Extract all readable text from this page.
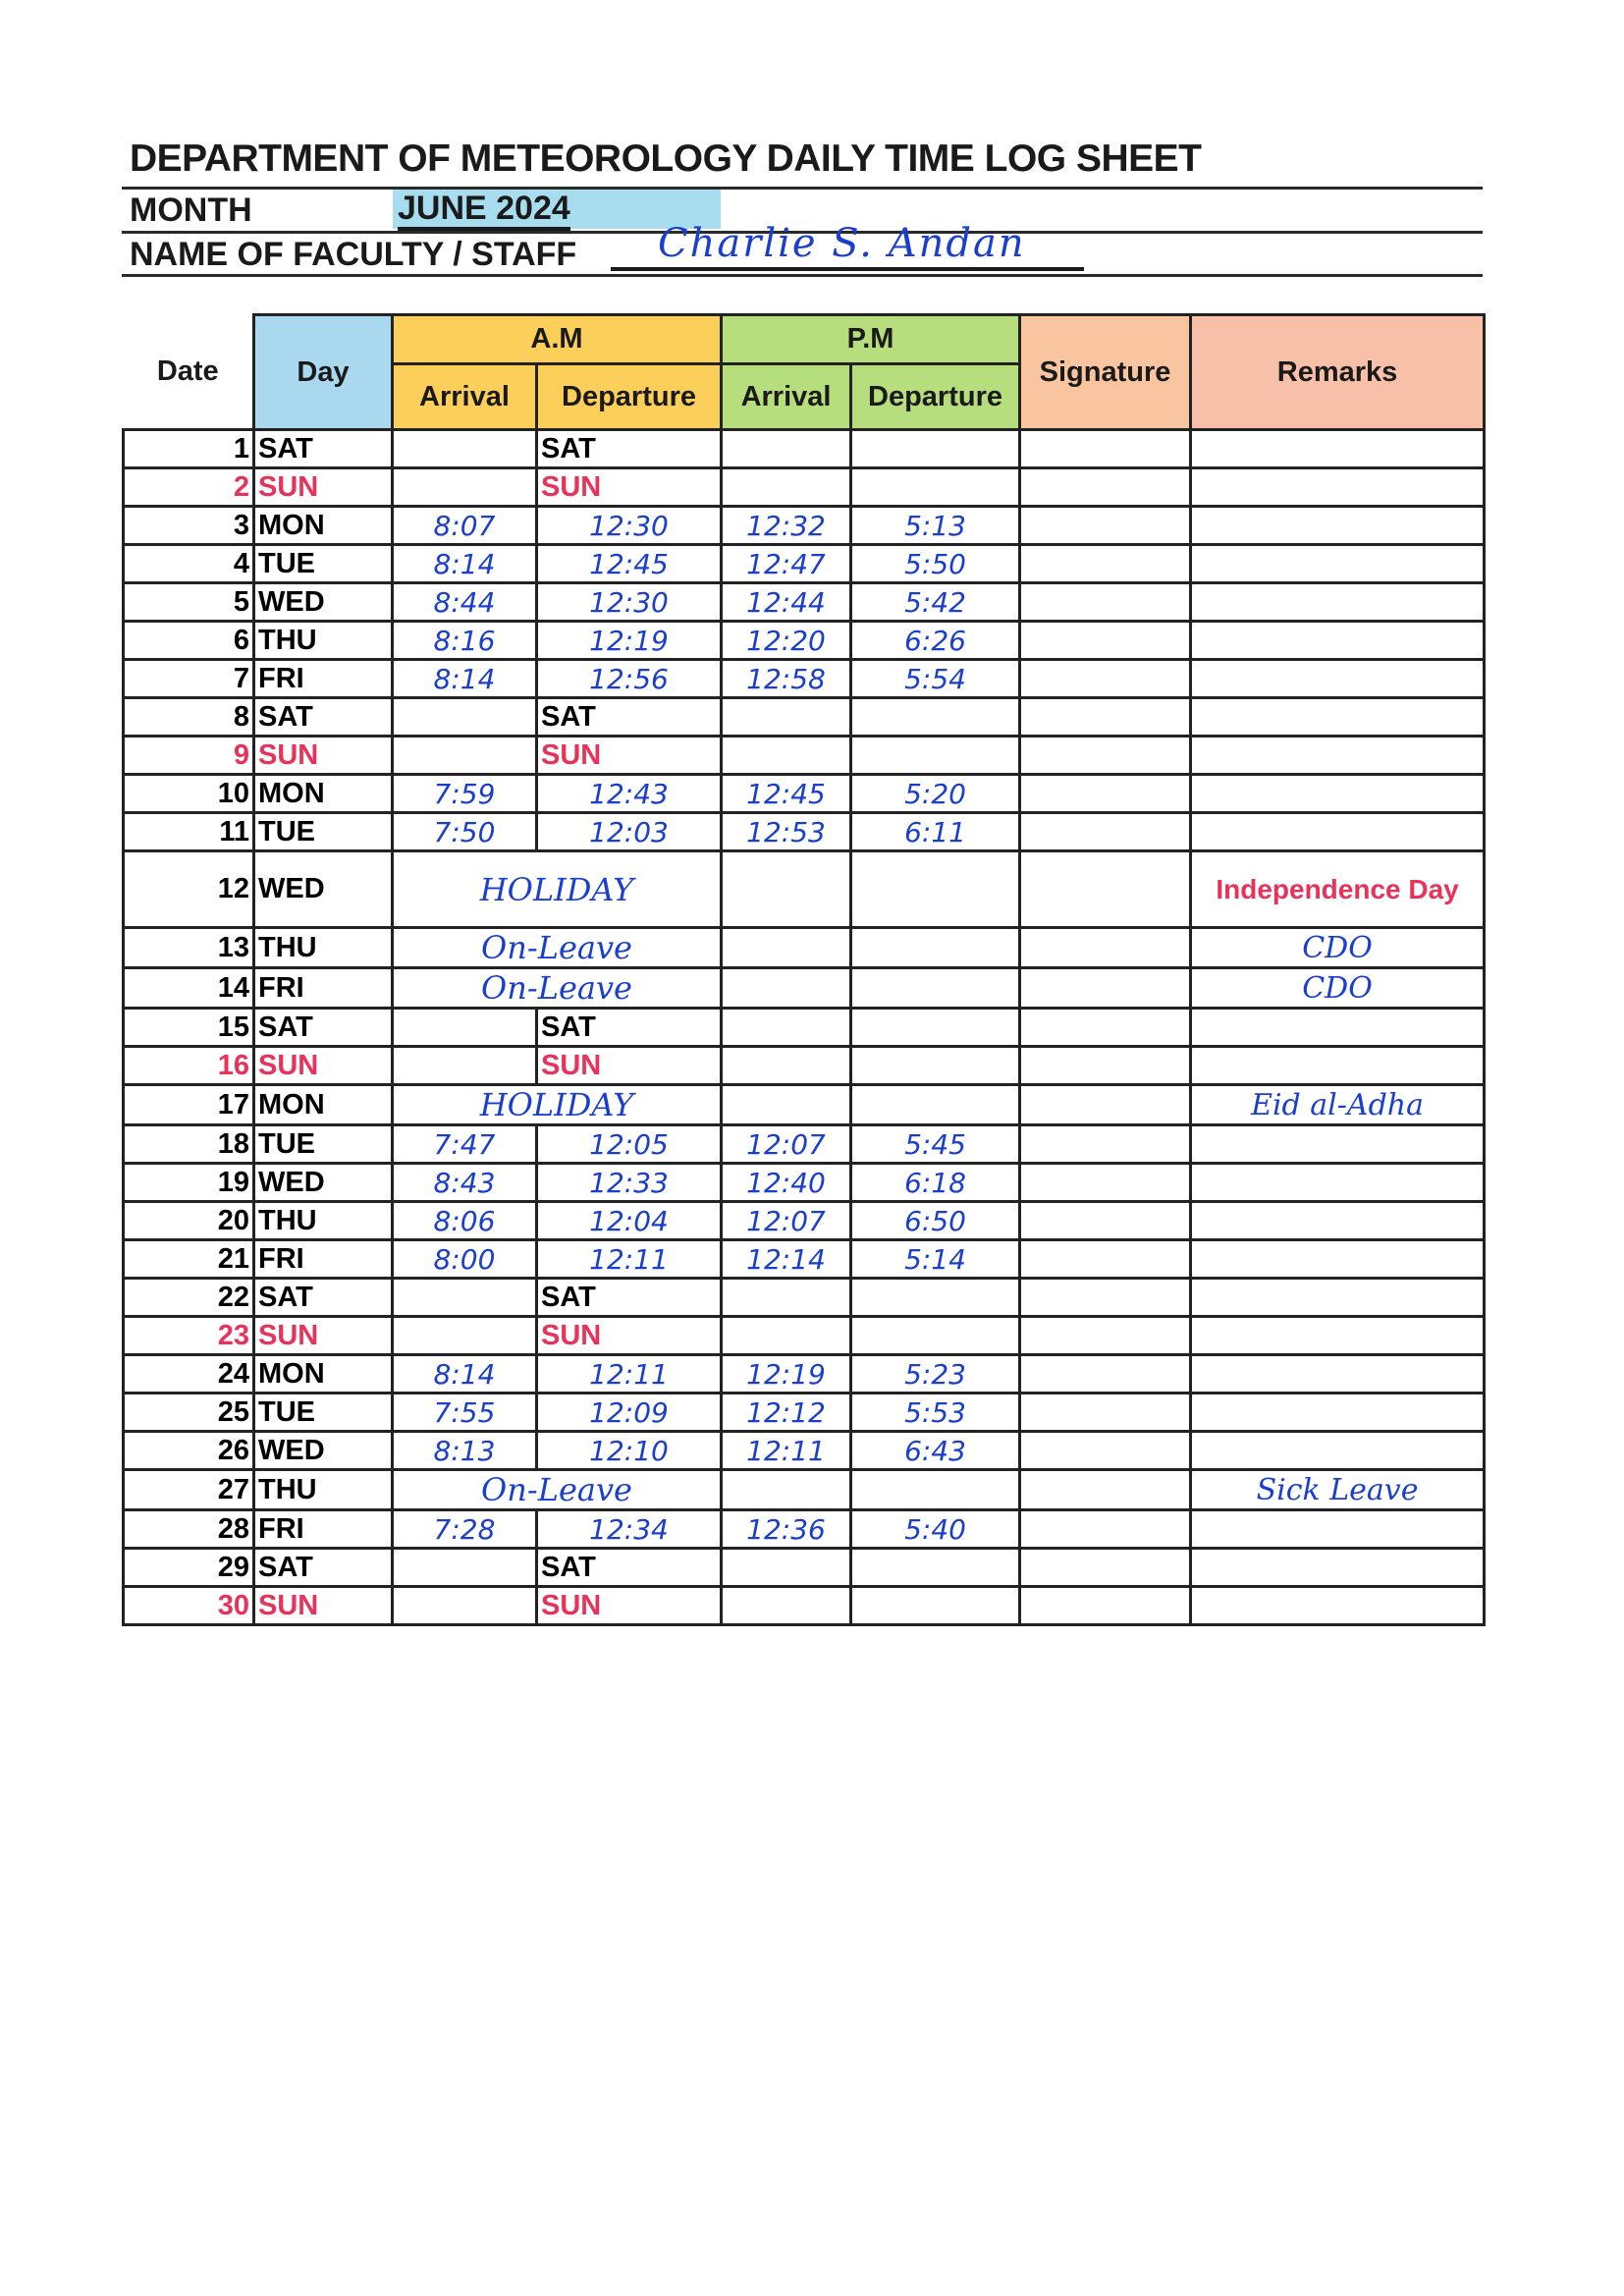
DEPARTMENT OF METEOROLOGY DAILY TIME LOG SHEET
MONTH	JUNE 2024
NAME OF FACULTY / STAFF Charlie S. Andan
Date	Day	A.M		P.M		Signature	Remarks
		Arrival	Departure	Arrival	Departure		
1	SAT		SAT				
2	SUN		SUN				
3	MON	8:07	12:30	12:32	5:13		
4	TUE	8:14	12:45	12:47	5:50		
5	WED	8:44	12:30	12:44	5:42		
6	THU	8:16	12:19	12:20	6:26		
7	FRI	8:14	12:56	12:58	5:54		
8	SAT		SAT				
9	SUN		SUN				
10	MON	7:59	12:43	12:45	5:20		
11	TUE	7:50	12:03	12:53	6:11		
12	WED	HOLIDAY					Independence Day
13	THU	On-Leave					CDO
14	FRI	On-Leave					CDO
15	SAT		SAT				
16	SUN		SUN				
17	MON	HOLIDAY					Eid al-Adha
18	TUE	7:47	12:05	12:07	5:45		
19	WED	8:43	12:33	12:40	6:18		
20	THU	8:06	12:04	12:07	6:50		
21	FRI	8:00	12:11	12:14	5:14		
22	SAT		SAT				
23	SUN		SUN				
24	MON	8:14	12:11	12:19	5:23		
25	TUE	7:55	12:09	12:12	5:53		
26	WED	8:13	12:10	12:11	6:43		
27	THU	On-Leave					Sick Leave
28	FRI	7:28	12:34	12:36	5:40		
29	SAT		SAT				
30	SUN		SUN				
